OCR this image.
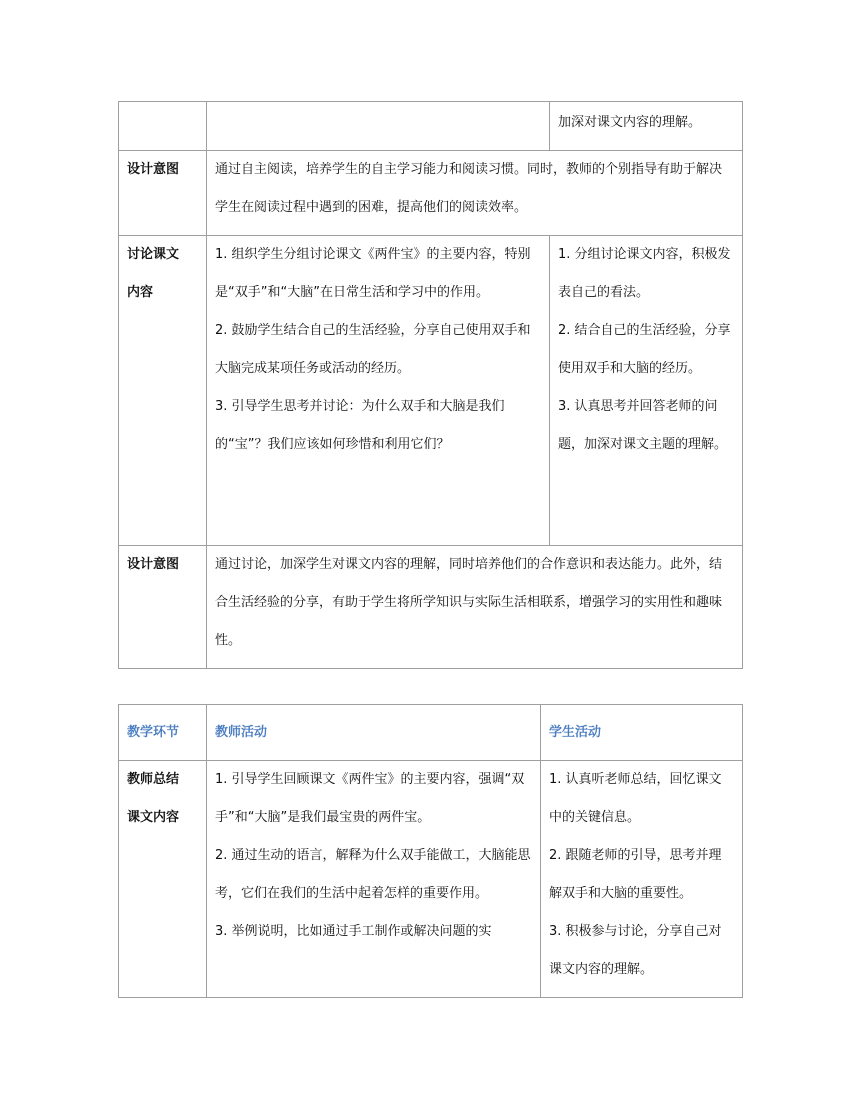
		加深对课文内容的理解。

设计意图	通过自主阅读，培养学生的自主学习能力和阅读习惯。同时，教师的个别指导有助于解决学生在阅读过程中遇到的困难，提高他们的阅读效率。	

讨论课文内容	1. 组织学生分组讨论课文《两件宝》的主要内容，特别是“双手”和“大脑”在日常生活和学习中的作用。
2. 鼓励学生结合自己的生活经验，分享自己使用双手和大脑完成某项任务或活动的经历。
3. 引导学生思考并讨论：为什么双手和大脑是我们的“宝”？我们应该如何珍惜和利用它们？	1. 分组讨论课文内容，积极发表自己的看法。
2. 结合自己的生活经验，分享使用双手和大脑的经历。
3. 认真思考并回答老师的问题，加深对课文主题的理解。

设计意图	通过讨论，加深学生对课文内容的理解，同时培养他们的合作意识和表达能力。此外，结合生活经验的分享，有助于学生将所学知识与实际生活相联系，增强学习的实用性和趣味性。	
教学环节	教师活动	学生活动

教师总结课文内容	1. 引导学生回顾课文《两件宝》的主要内容，强调“双手”和“大脑”是我们最宝贵的两件宝。
2. 通过生动的语言，解释为什么双手能做工，大脑能思考，它们在我们的生活中起着怎样的重要作用。
3. 举例说明，比如通过手工制作或解决问题的实	1. 认真听老师总结，回忆课文中的关键信息。
2. 跟随老师的引导，思考并理解双手和大脑的重要性。
3. 积极参与讨论，分享自己对课文内容的理解。
